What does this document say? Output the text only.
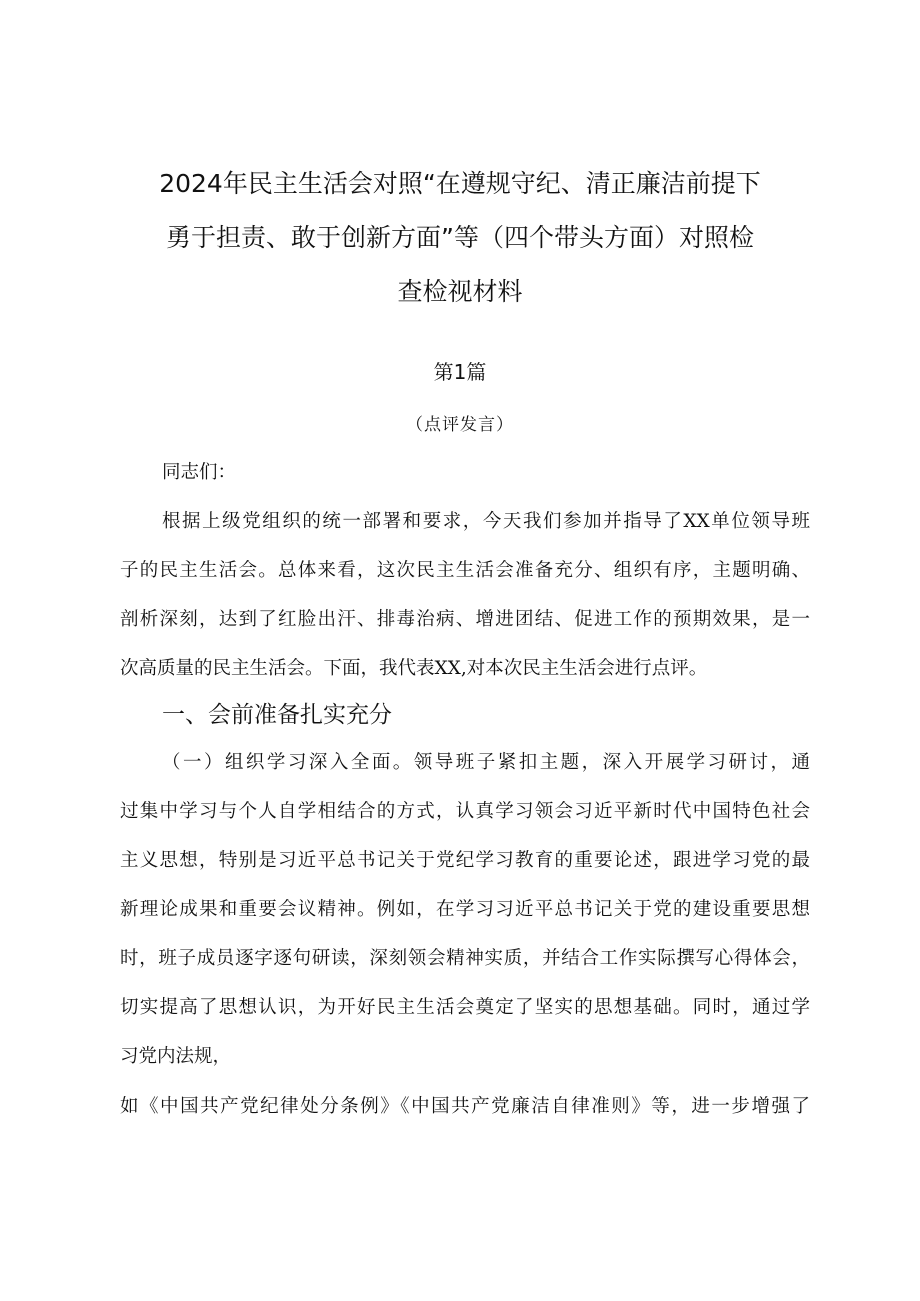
2024年民主生活会对照“在遵规守纪、清正廉洁前提下
勇于担责、敢于创新方面”等（四个带头方面）对照检
查检视材料
第1篇
（点评发言）
同志们：
根据上级党组织的统一部署和要求，今天我们参加并指导了XX单位领导班
子的民主生活会。总体来看，这次民主生活会准备充分、组织有序，主题明确、
剖析深刻，达到了红脸出汗、排毒治病、增进团结、促进工作的预期效果，是一
次高质量的民主生活会。下面，我代表XX,对本次民主生活会进行点评。
一、会前准备扎实充分
（一）组织学习深入全面。领导班子紧扣主题，深入开展学习研讨，通
过集中学习与个人自学相结合的方式，认真学习领会习近平新时代中国特色社会
主义思想，特别是习近平总书记关于党纪学习教育的重要论述，跟进学习党的最
新理论成果和重要会议精神。例如，在学习习近平总书记关于党的建设重要思想
时，班子成员逐字逐句研读，深刻领会精神实质，并结合工作实际撰写心得体会，
切实提高了思想认识，为开好民主生活会奠定了坚实的思想基础。同时，通过学
习党内法规，
如《中国共产党纪律处分条例》《中国共产党廉洁自律准则》等，进一步增强了
